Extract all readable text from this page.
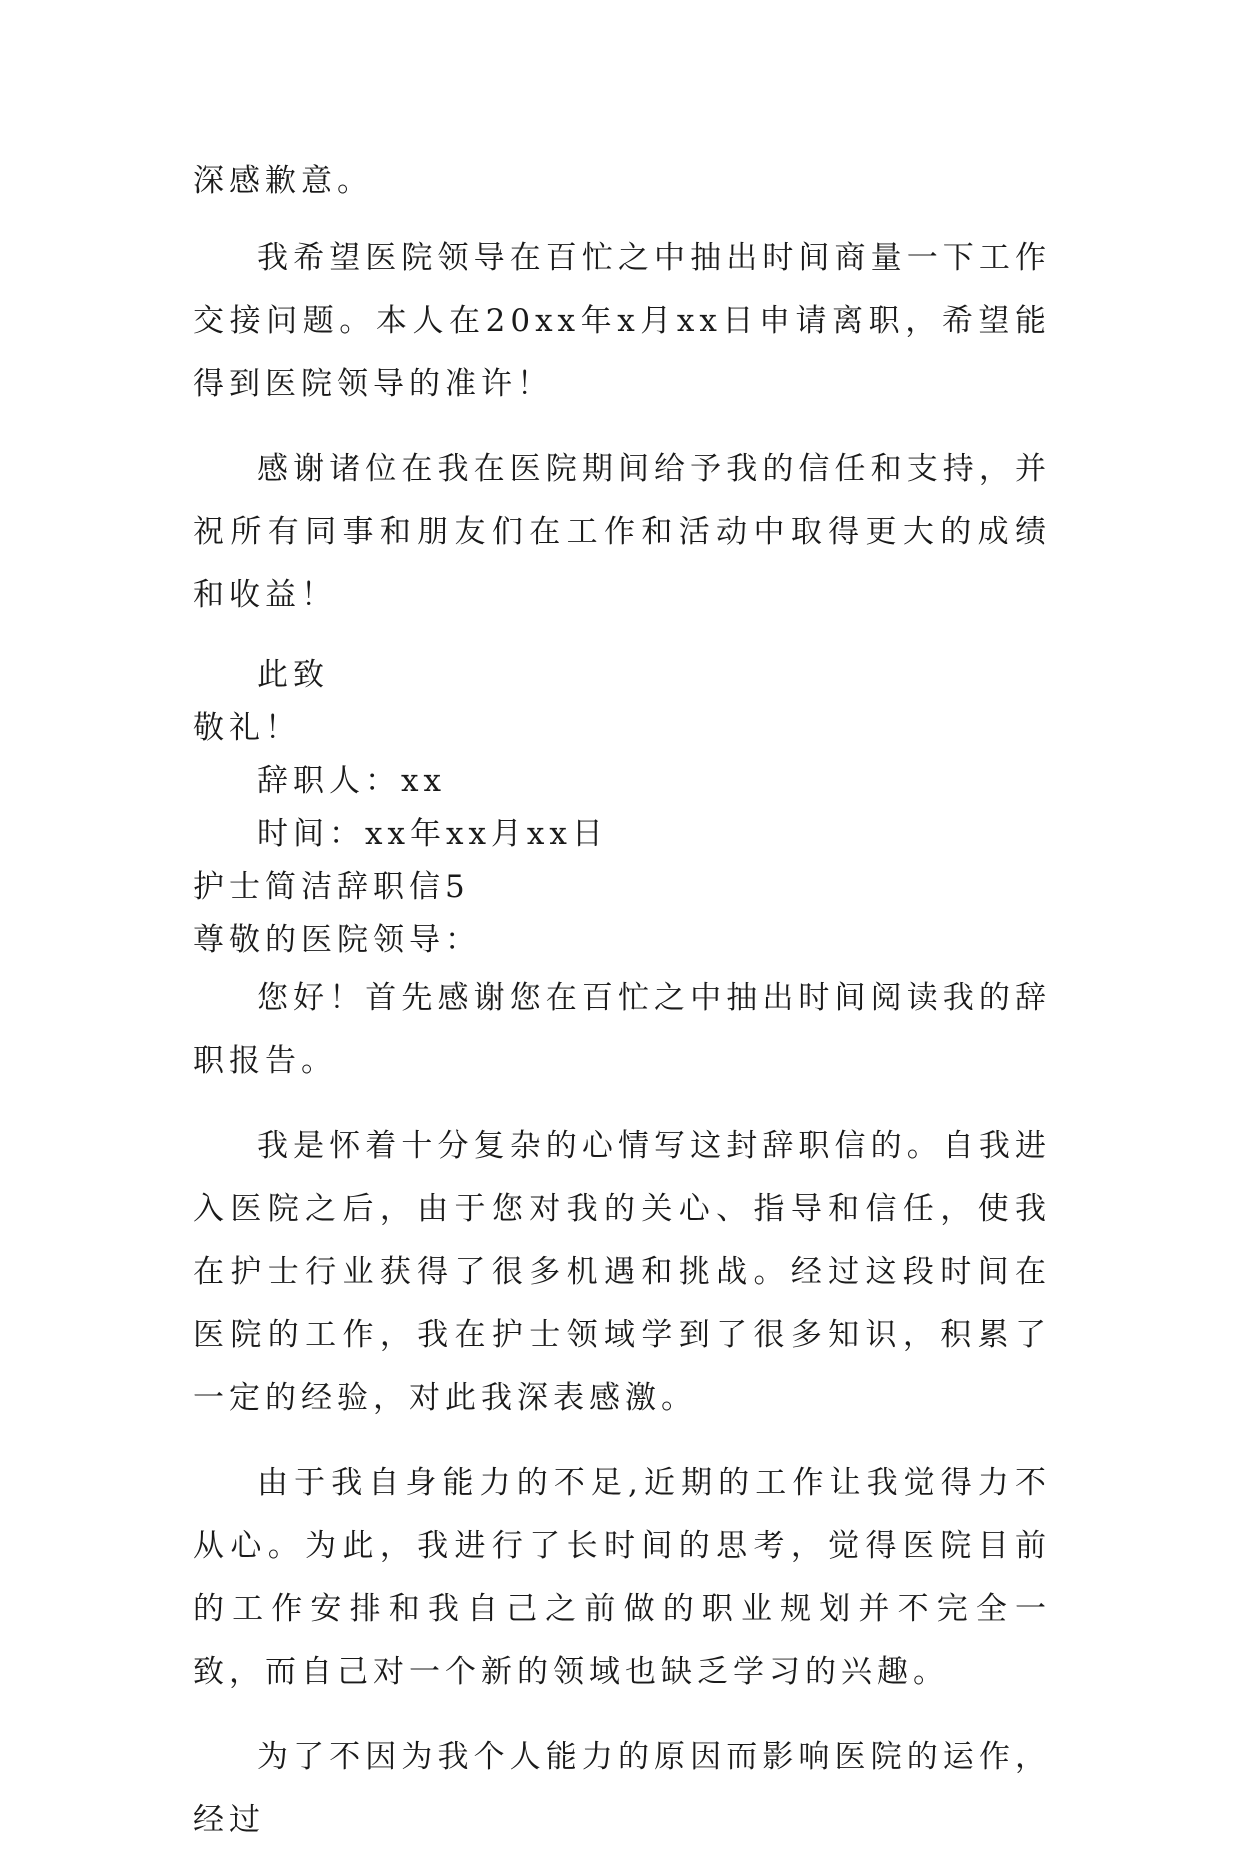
深感歉意。

我希望医院领导在百忙之中抽出时间商量一下工作交接问题。本人在20xx年x月xx日申请离职，希望能得到医院领导的准许！

感谢诸位在我在医院期间给予我的信任和支持，并祝所有同事和朋友们在工作和活动中取得更大的成绩和收益！

此致

敬礼！

辞职人：xx

时间：xx年xx月xx日

护士简洁辞职信5

尊敬的医院领导：

您好！首先感谢您在百忙之中抽出时间阅读我的辞职报告。

我是怀着十分复杂的心情写这封辞职信的。自我进入医院之后，由于您对我的关心、指导和信任，使我在护士行业获得了很多机遇和挑战。经过这段时间在医院的工作，我在护士领域学到了很多知识，积累了一定的经验，对此我深表感激。

由于我自身能力的不足,近期的工作让我觉得力不从心。为此，我进行了长时间的思考，觉得医院目前的工作安排和我自己之前做的职业规划并不完全一致，而自己对一个新的领域也缺乏学习的兴趣。

为了不因为我个人能力的原因而影响医院的运作，经过
